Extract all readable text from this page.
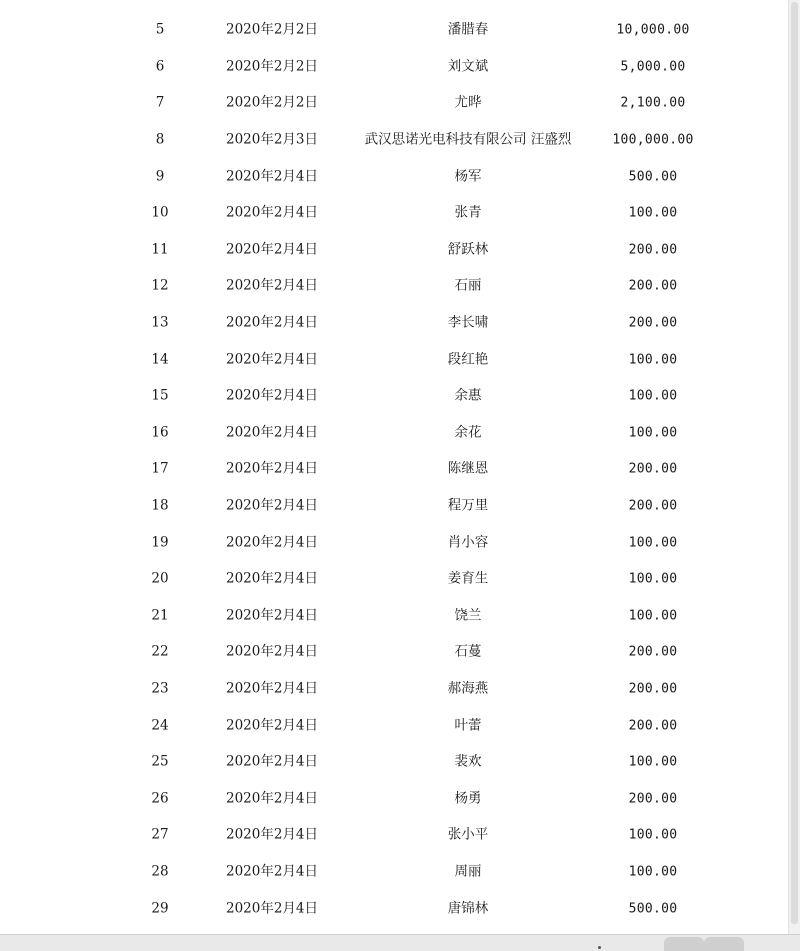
5	2020年2月2日	潘腊春	10,000.00
6	2020年2月2日	刘文斌	5,000.00
7	2020年2月2日	尤晔	2,100.00
8	2020年2月3日	武汉思诺光电科技有限公司 汪盛烈	100,000.00
9	2020年2月4日	杨军	500.00
10	2020年2月4日	张青	100.00
11	2020年2月4日	舒跃林	200.00
12	2020年2月4日	石丽	200.00
13	2020年2月4日	李长啸	200.00
14	2020年2月4日	段红艳	100.00
15	2020年2月4日	余惠	100.00
16	2020年2月4日	余花	100.00
17	2020年2月4日	陈继恩	200.00
18	2020年2月4日	程万里	200.00
19	2020年2月4日	肖小容	100.00
20	2020年2月4日	姜育生	100.00
21	2020年2月4日	饶兰	100.00
22	2020年2月4日	石蔓	200.00
23	2020年2月4日	郝海燕	200.00
24	2020年2月4日	叶蕾	200.00
25	2020年2月4日	裴欢	100.00
26	2020年2月4日	杨勇	200.00
27	2020年2月4日	张小平	100.00
28	2020年2月4日	周丽	100.00
29	2020年2月4日	唐锦林	500.00
